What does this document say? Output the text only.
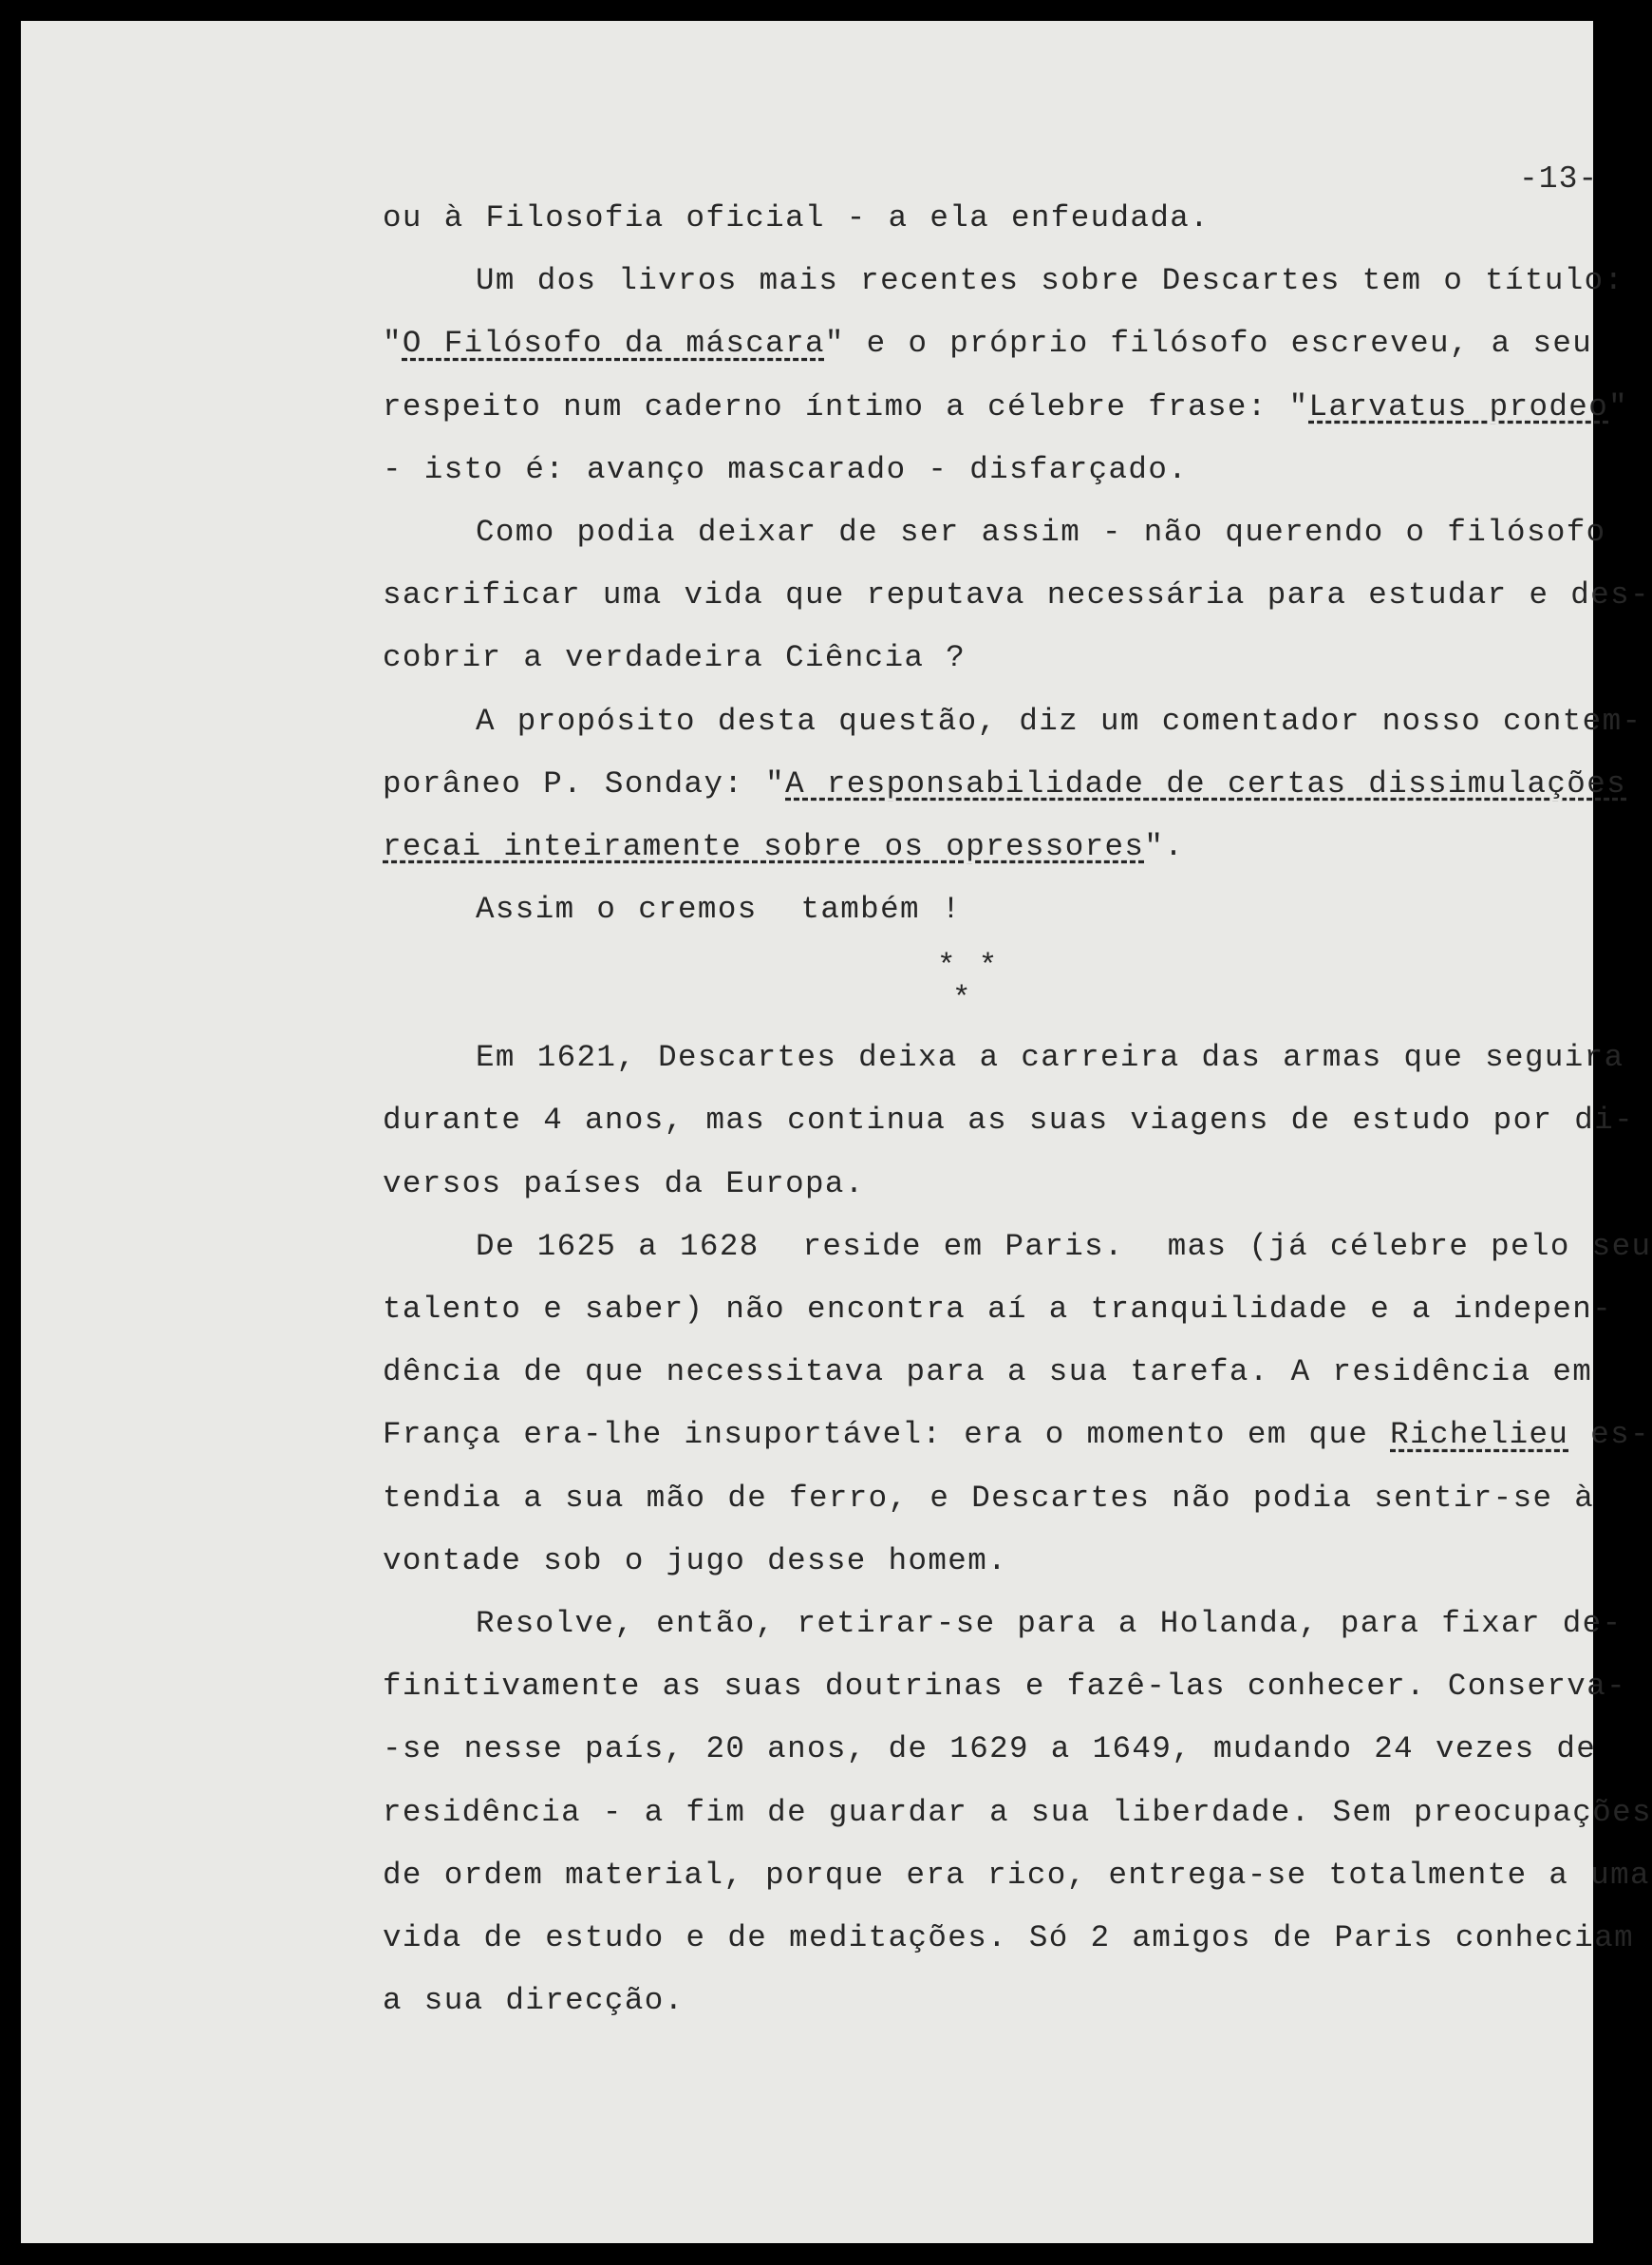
-13-
ou à Filosofia oficial - a ela enfeudada.
Um dos livros mais recentes sobre Descartes tem o título:
"O Filósofo da máscara" e o próprio filósofo escreveu, a seu
respeito num caderno íntimo a célebre frase: "Larvatus prodeo"
- isto é: avanço mascarado - disfarçado.
Como podia deixar de ser assim - não querendo o filósofo
sacrificar uma vida que reputava necessária para estudar e des-
cobrir a verdadeira Ciência ?
A propósito desta questão, diz um comentador nosso contem-
porâneo P. Sonday: "A responsabilidade de certas dissimulações
recai inteiramente sobre os opressores".
Assim o cremos  também !
* *
*
Em 1621, Descartes deixa a carreira das armas que seguira
durante 4 anos, mas continua as suas viagens de estudo por di-
versos países da Europa.
De 1625 a 1628  reside em Paris.  mas (já célebre pelo seu
talento e saber) não encontra aí a tranquilidade e a indepen-
dência de que necessitava para a sua tarefa. A residência em
França era-lhe insuportável: era o momento em que Richelieu es-
tendia a sua mão de ferro, e Descartes não podia sentir-se à
vontade sob o jugo desse homem.
Resolve, então, retirar-se para a Holanda, para fixar de-
finitivamente as suas doutrinas e fazê-las conhecer. Conserva-
-se nesse país, 20 anos, de 1629 a 1649, mudando 24 vezes de
residência - a fim de guardar a sua liberdade. Sem preocupações
de ordem material, porque era rico, entrega-se totalmente a uma
vida de estudo e de meditações. Só 2 amigos de Paris conheciam
a sua direcção.
